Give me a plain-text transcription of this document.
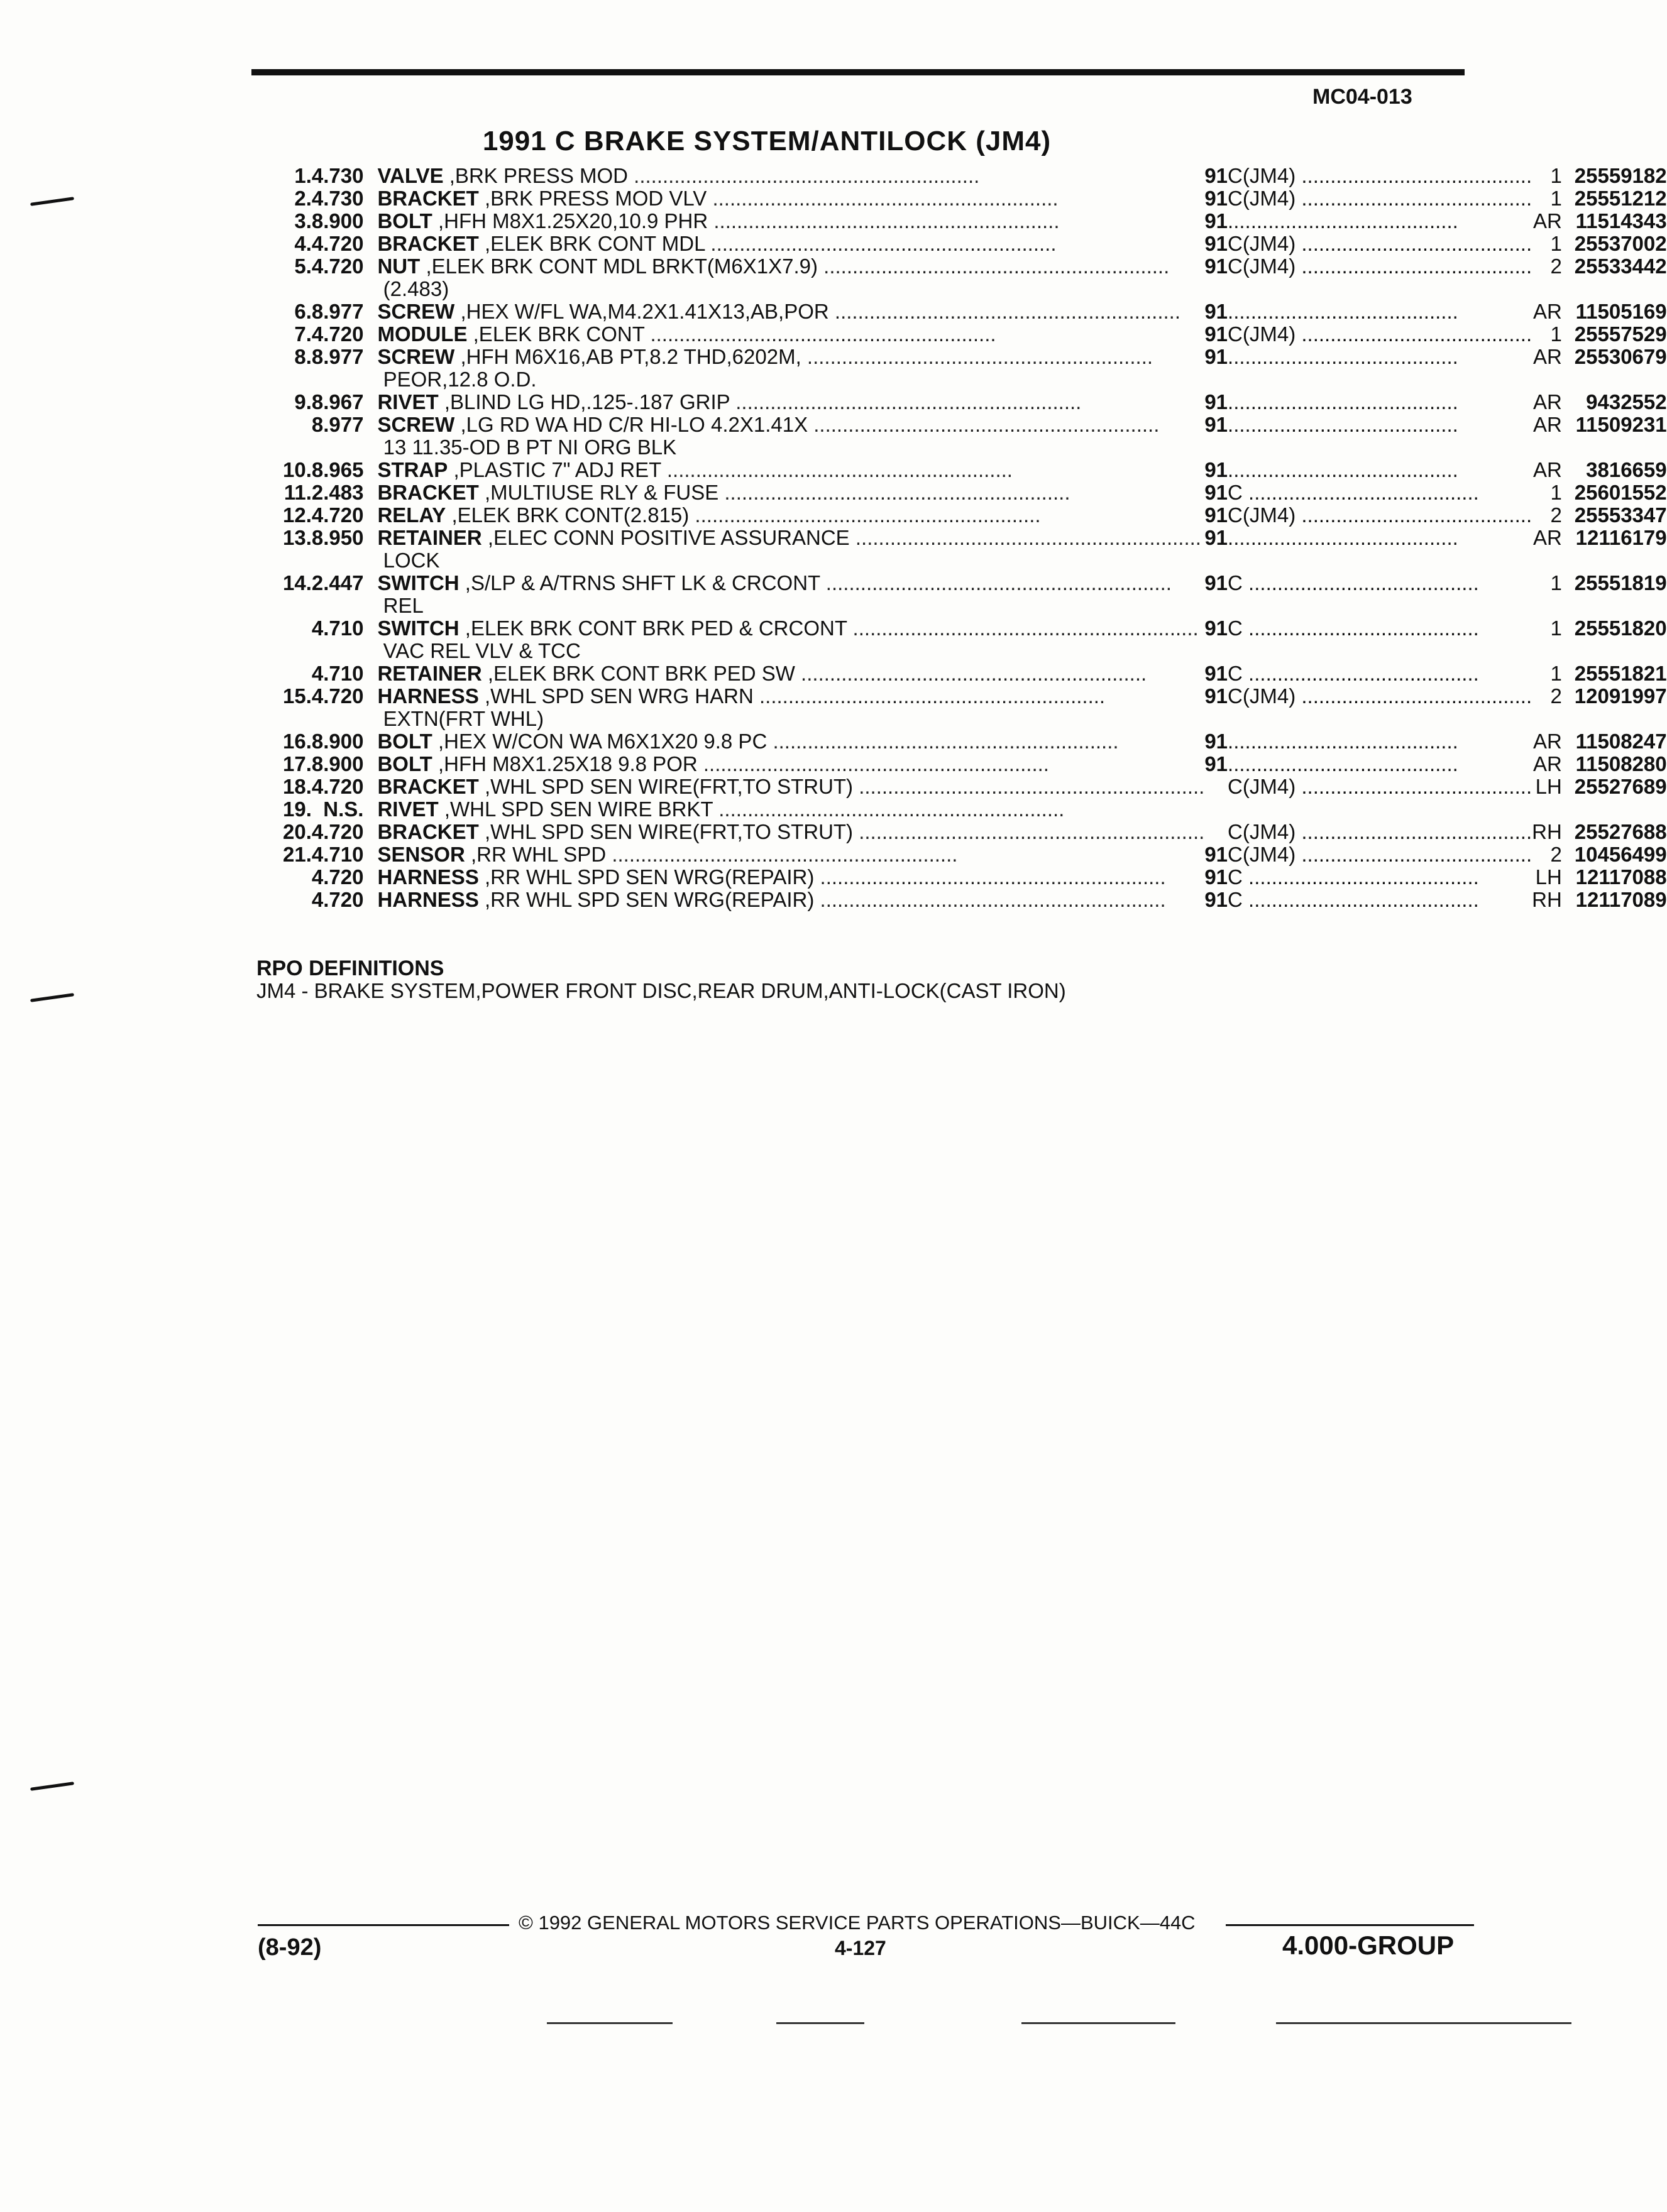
MC04-013
1991 C BRAKE SYSTEM/ANTILOCK (JM4)
1.	4.730	VALVE ,BRK PRESS MOD ............................................................	91	C(JM4) ........................................	1	25559182
2.	4.730	BRACKET ,BRK PRESS MOD VLV ............................................................	91	C(JM4) ........................................	1	25551212
3.	8.900	BOLT ,HFH M8X1.25X20,10.9 PHR ............................................................	91	........................................	AR	11514343
4.	4.720	BRACKET ,ELEK BRK CONT MDL ............................................................	91	C(JM4) ........................................	1	25537002
5.	4.720	NUT ,ELEK BRK CONT MDL BRKT(M6X1X7.9) ............................................................	91	C(JM4) ........................................	2	25533442
		(2.483)				
6.	8.977	SCREW ,HEX W/FL WA,M4.2X1.41X13,AB,POR ............................................................	91	........................................	AR	11505169
7.	4.720	MODULE ,ELEK BRK CONT ............................................................	91	C(JM4) ........................................	1	25557529
8.	8.977	SCREW ,HFH M6X16,AB PT,8.2 THD,6202M, ............................................................	91	........................................	AR	25530679
		PEOR,12.8 O.D.				
9.	8.967	RIVET ,BLIND LG HD,.125-.187 GRIP ............................................................	91	........................................	AR	9432552
	8.977	SCREW ,LG RD WA HD C/R HI-LO 4.2X1.41X ............................................................	91	........................................	AR	11509231
		13 11.35-OD B PT NI ORG BLK				
10.	8.965	STRAP ,PLASTIC 7" ADJ RET ............................................................	91	........................................	AR	3816659
11.	2.483	BRACKET ,MULTIUSE RLY & FUSE ............................................................	91	C ........................................	1	25601552
12.	4.720	RELAY ,ELEK BRK CONT(2.815) ............................................................	91	C(JM4) ........................................	2	25553347
13.	8.950	RETAINER ,ELEC CONN POSITIVE ASSURANCE ............................................................	91	........................................	AR	12116179
		LOCK				
14.	2.447	SWITCH ,S/LP & A/TRNS SHFT LK & CRCONT ............................................................	91	C ........................................	1	25551819
		REL				
	4.710	SWITCH ,ELEK BRK CONT BRK PED & CRCONT ............................................................	91	C ........................................	1	25551820
		VAC REL VLV & TCC				
	4.710	RETAINER ,ELEK BRK CONT BRK PED SW ............................................................	91	C ........................................	1	25551821
15.	4.720	HARNESS ,WHL SPD SEN WRG HARN ............................................................	91	C(JM4) ........................................	2	12091997
		EXTN(FRT WHL)				
16.	8.900	BOLT ,HEX W/CON WA M6X1X20 9.8 PC ............................................................	91	........................................	AR	11508247
17.	8.900	BOLT ,HFH M8X1.25X18 9.8 POR ............................................................	91	........................................	AR	11508280
18.	4.720	BRACKET ,WHL SPD SEN WIRE(FRT,TO STRUT) ............................................................		C(JM4) ........................................	LH	25527689
19.	N.S.	RIVET ,WHL SPD SEN WIRE BRKT ............................................................				
20.	4.720	BRACKET ,WHL SPD SEN WIRE(FRT,TO STRUT) ............................................................		C(JM4) ........................................	RH	25527688
21.	4.710	SENSOR ,RR WHL SPD ............................................................	91	C(JM4) ........................................	2	10456499
	4.720	HARNESS ,RR WHL SPD SEN WRG(REPAIR) ............................................................	91	C ........................................	LH	12117088
	4.720	HARNESS ,RR WHL SPD SEN WRG(REPAIR) ............................................................	91	C ........................................	RH	12117089
RPO DEFINITIONS
JM4 - BRAKE SYSTEM,POWER FRONT DISC,REAR DRUM,ANTI-LOCK(CAST IRON)
© 1992 GENERAL MOTORS SERVICE PARTS OPERATIONS—BUICK—44C
(8-92)	4-127	4.000-GROUP
